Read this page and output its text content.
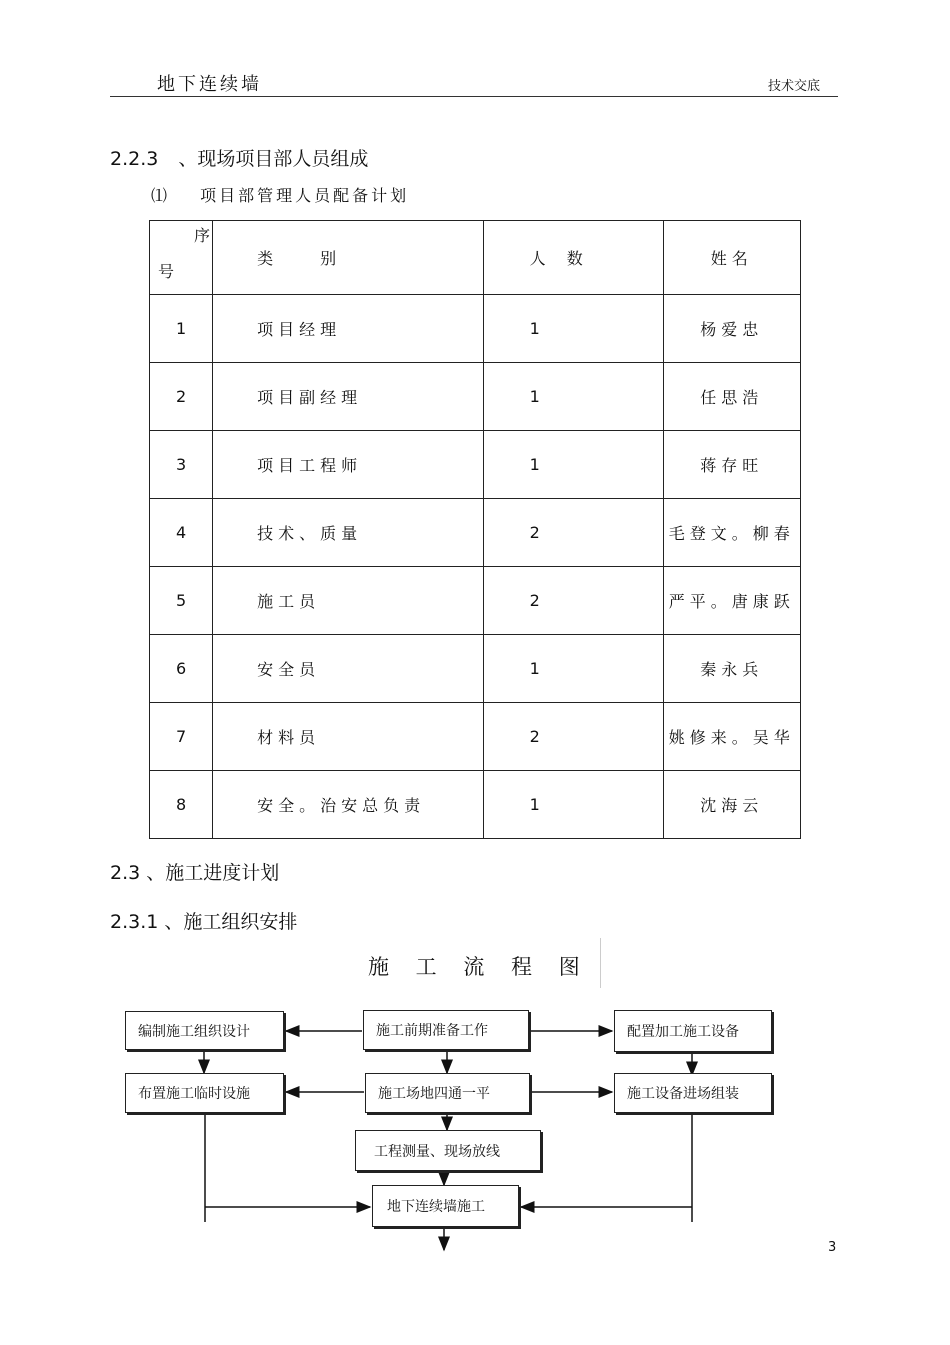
地下连续墙	技术交底
2.2.3 、现场项目部人员组成
⑴ 项目部管理人员配备计划
序
号	类　　别	人 数	姓名
1	项目经理	1	杨爱忠
2	项目副经理	1	任思浩
3	项目工程师	1	蒋存旺
4	技术、质量	2	毛登文。柳春
5	施工员	2	严平。唐康跃
6	安全员	1	秦永兵
7	材料员	2	姚修来。吴华
8	安全。治安总负责	1	沈海云
2.3 、施工进度计划
2.3.1 、施工组织安排
施 工 流 程 图
编制施工组织设计	施工前期准备工作	配置加工施工设备
布置施工临时设施	施工场地四通一平	施工设备进场组装
工程测量、现场放线
地下连续墙施工
3
